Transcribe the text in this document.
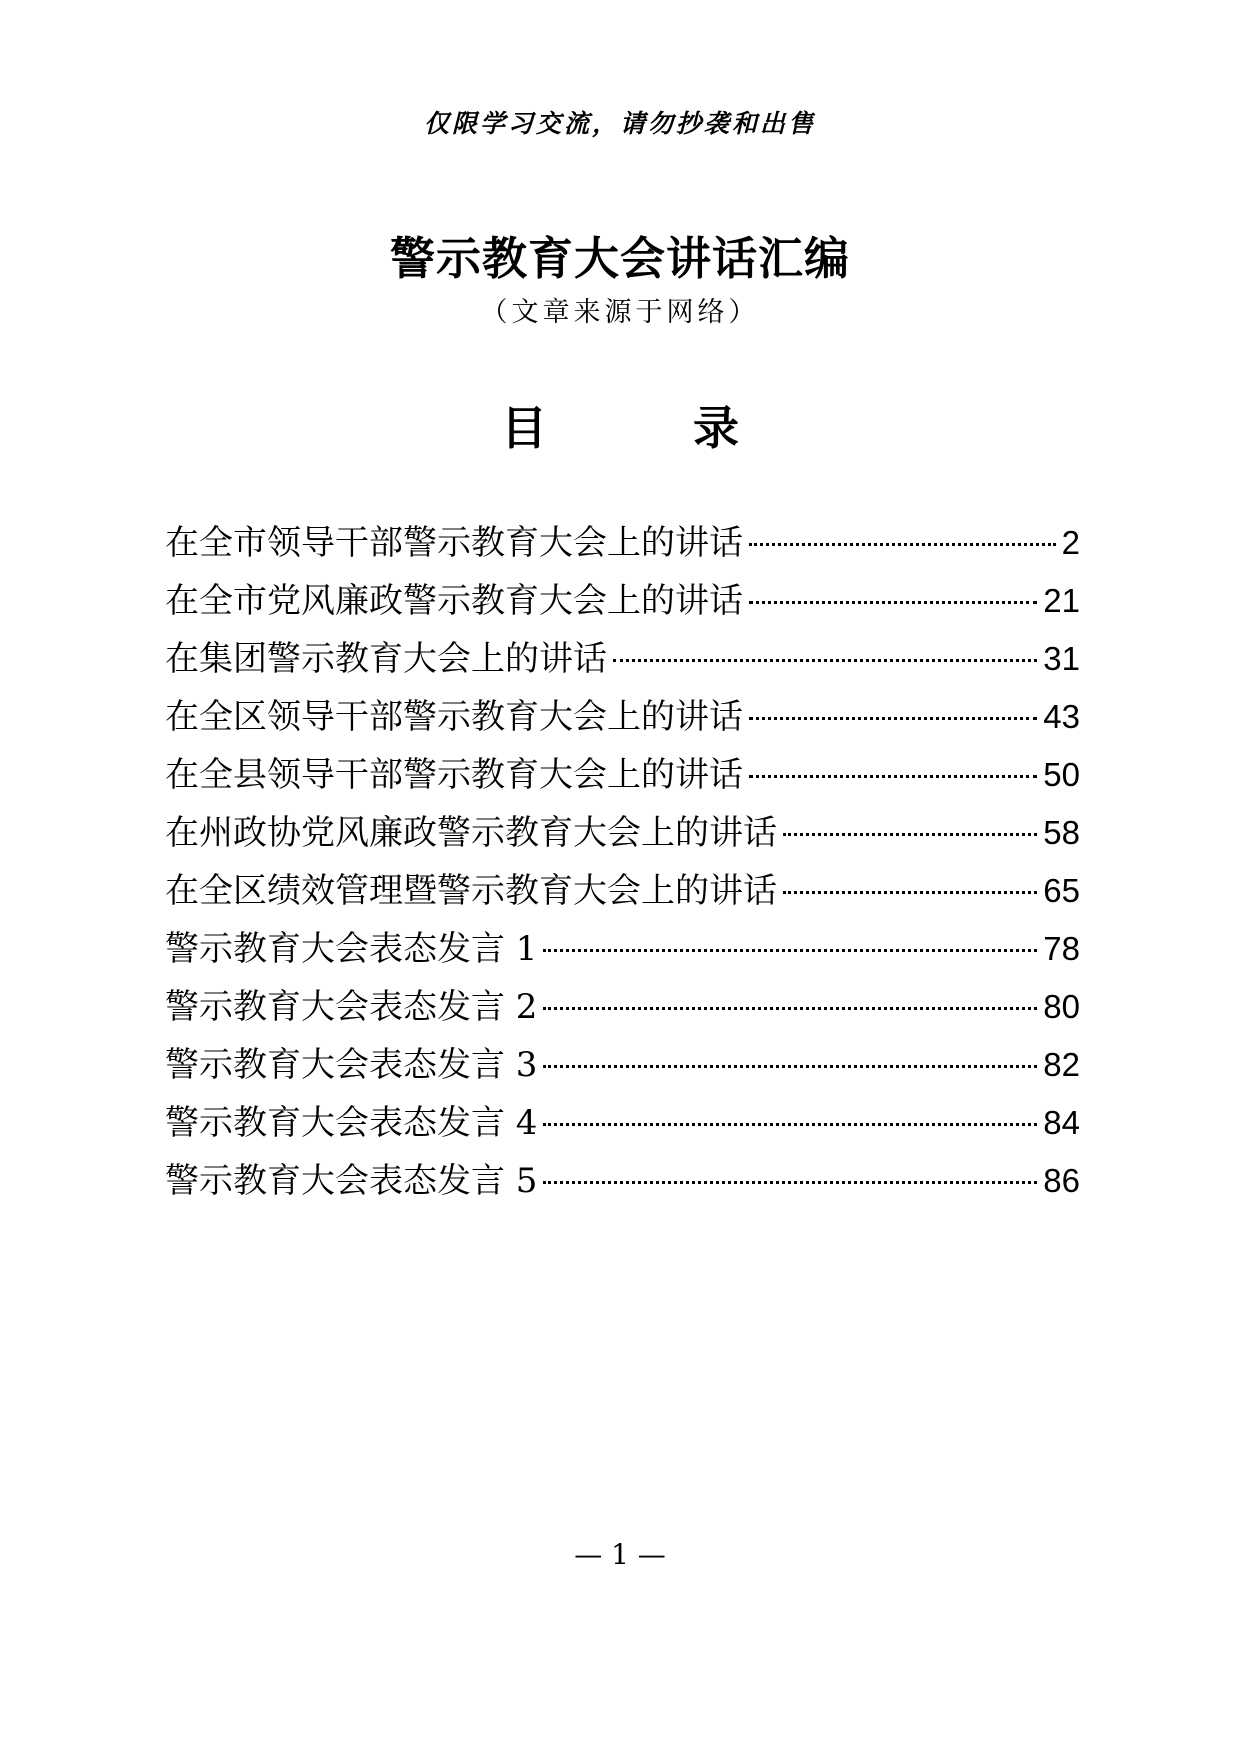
仅限学习交流，请勿抄袭和出售
警示教育大会讲话汇编
（文章来源于网络）
目　录
在全市领导干部警示教育大会上的讲话	2
在全市党风廉政警示教育大会上的讲话	21
在集团警示教育大会上的讲话	31
在全区领导干部警示教育大会上的讲话	43
在全县领导干部警示教育大会上的讲话	50
在州政协党风廉政警示教育大会上的讲话	58
在全区绩效管理暨警示教育大会上的讲话	65
警示教育大会表态发言 1	78
警示教育大会表态发言 2	80
警示教育大会表态发言 3	82
警示教育大会表态发言 4	84
警示教育大会表态发言 5	86
— 1 —
